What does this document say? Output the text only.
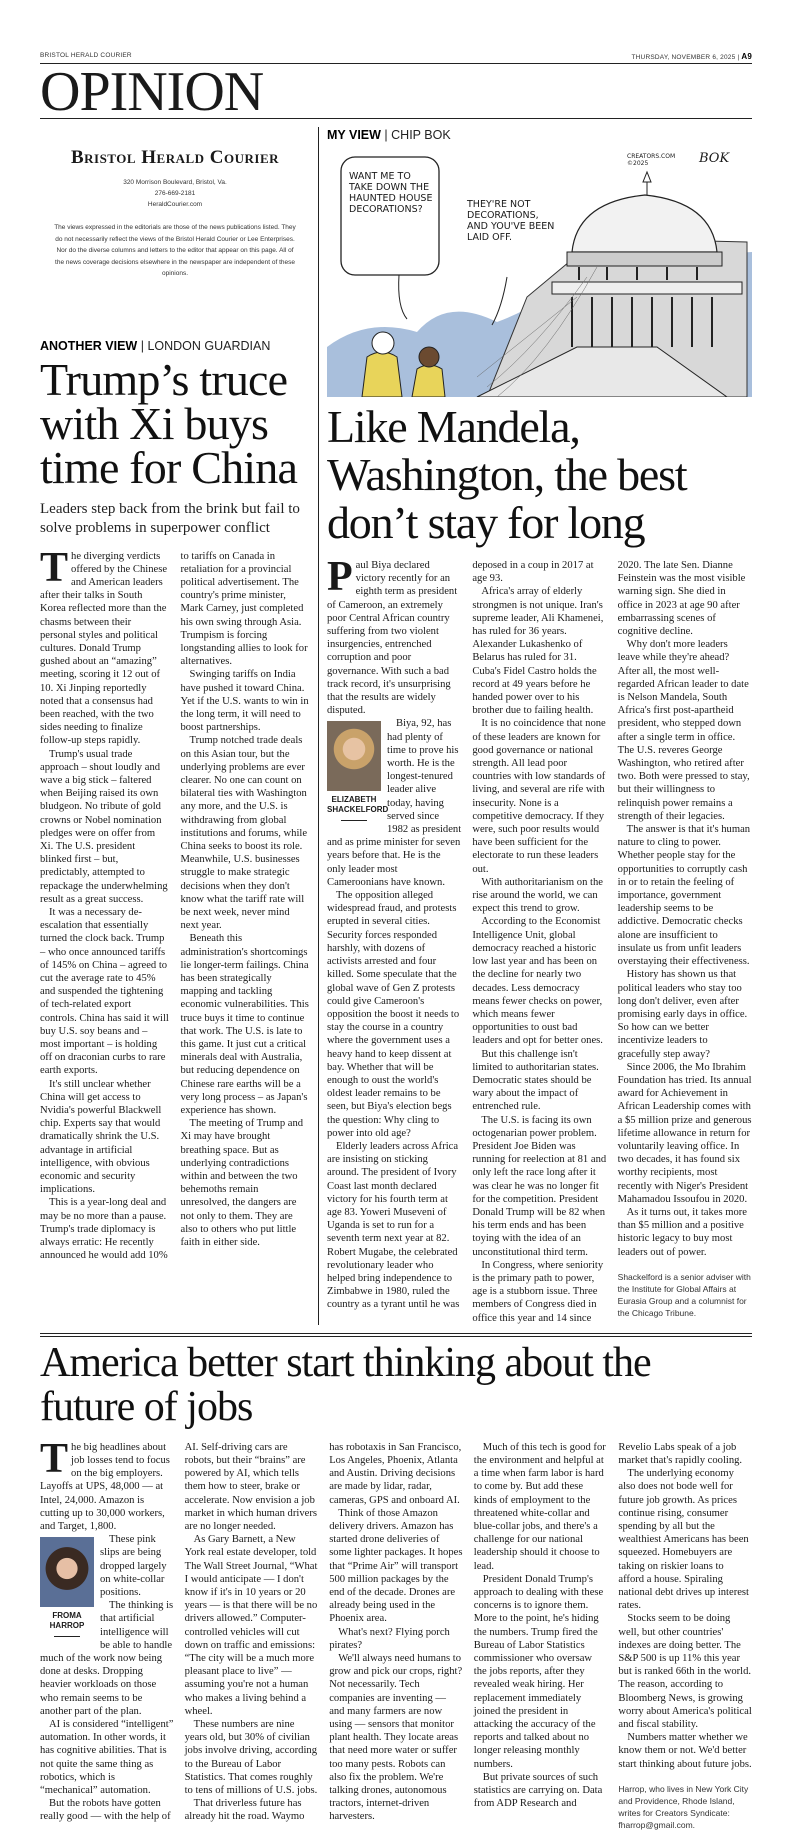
BRISTOL HERALD COURIER	THURSDAY, NOVEMBER 6, 2025 | A9
OPINION
Bristol Herald Courier
320 Morrison Boulevard, Bristol, Va.
276-669-2181
HeraldCourier.com
The views expressed in the editorials are those of the news publications listed. They do not necessarily reflect the views of the Bristol Herald Courier or Lee Enterprises. Nor do the diverse columns and letters to the editor that appear on this page. All of the news coverage decisions elsewhere in the newspaper are independent of these opinions.
ANOTHER VIEW | LONDON GUARDIAN
Trump’s truce with Xi buys time for China
Leaders step back from the brink but fail to solve problems in superpower conflict

The diverging verdicts offered by the Chinese and American leaders after their talks in South Korea reflected more than the chasms between their personal styles and political cultures. Donald Trump gushed about an “amazing” meeting, scoring it 12 out of 10. Xi Jinping reportedly noted that a consensus had been reached, with the two sides needing to finalize follow-up steps rapidly.

Trump's usual trade approach – shout loudly and wave a big stick – faltered when Beijing raised its own bludgeon. No tribute of gold crowns or Nobel nomination pledges were on offer from Xi. The U.S. president blinked first – but, predictably, attempted to repackage the underwhelming result as a great success.

It was a necessary de-escalation that essentially turned the clock back. Trump – who once announced tariffs of 145% on China – agreed to cut the average rate to 45% and suspended the tightening of tech-related export controls. China has said it will buy U.S. soy beans and – most important – is holding off on draconian curbs to rare earth exports.

It's still unclear whether China will get access to Nvidia's powerful Blackwell chip. Experts say that would dramatically shrink the U.S. advantage in artificial intelligence, with obvious economic and security implications.

This is a year-long deal and may be no more than a pause. Trump's trade diplomacy is always erratic: He recently announced he would add 10% to tariffs on Canada in retaliation for a provincial political advertisement. The country's prime minister, Mark Carney, just completed his own swing through Asia. Trumpism is forcing longstanding allies to look for alternatives.

Swinging tariffs on India have pushed it toward China. Yet if the U.S. wants to win in the long term, it will need to boost partnerships.

Trump notched trade deals on this Asian tour, but the underlying problems are ever clearer. No one can count on bilateral ties with Washington any more, and the U.S. is withdrawing from global institutions and forums, while China seeks to boost its role. Meanwhile, U.S. businesses struggle to make strategic decisions when they don't know what the tariff rate will be next week, never mind next year.

Beneath this administration's shortcomings lie longer-term failings. China has been strategically mapping and tackling economic vulnerabilities. This truce buys it time to continue that work. The U.S. is late to this game. It just cut a critical minerals deal with Australia, but reducing dependence on Chinese rare earths will be a very long process – as Japan's experience has shown.

The meeting of Trump and Xi may have brought breathing space. But as underlying contradictions within and between the two behemoths remain unresolved, the dangers are not only to them. They are also to others who put little faith in either side.

MY VIEW | CHIP BOK
WANT ME TO TAKE DOWN THE HAUNTED HOUSE DECORATIONS?	THEY'RE NOT DECORATIONS, AND YOU'VE BEEN LAID OFF.
CREATORS.COM ©2025	BOK
Like Mandela, Washington, the best don’t stay for long

Paul Biya declared victory recently for an eighth term as president of Cameroon, an extremely poor Central African country suffering from two violent insurgencies, entrenched corruption and poor governance. With such a bad track record, it's unsurprising that the results are widely disputed.

ELIZABETH SHACKELFORD

Biya, 92, has had plenty of time to prove his worth. He is the longest-tenured leader alive today, having served since 1982 as president and as prime minister for seven years before that. He is the only leader most Cameroonians have known.

The opposition alleged widespread fraud, and protests erupted in several cities. Security forces responded harshly, with dozens of activists arrested and four killed. Some speculate that the global wave of Gen Z protests could give Cameroon's opposition the boost it needs to stay the course in a country where the government uses a heavy hand to keep dissent at bay. Whether that will be enough to oust the world's oldest leader remains to be seen, but Biya's election begs the question: Why cling to power into old age?

Elderly leaders across Africa are insisting on sticking around. The president of Ivory Coast last month declared victory for his fourth term at age 83. Yoweri Museveni of Uganda is set to run for a seventh term next year at 82. Robert Mugabe, the celebrated revolutionary leader who helped bring independence to Zimbabwe in 1980, ruled the country as a tyrant until he was deposed in a coup in 2017 at age 93.

Africa's array of elderly strongmen is not unique. Iran's supreme leader, Ali Khamenei, has ruled for 36 years. Alexander Lukashenko of Belarus has ruled for 31. Cuba's Fidel Castro holds the record at 49 years before he handed power over to his brother due to failing health.

It is no coincidence that none of these leaders are known for good governance or national strength. All lead poor countries with low standards of living, and several are rife with insecurity. None is a competitive democracy. If they were, such poor results would have been sufficient for the electorate to run these leaders out.

With authoritarianism on the rise around the world, we can expect this trend to grow.

According to the Economist Intelligence Unit, global democracy reached a historic low last year and has been on the decline for nearly two decades. Less democracy means fewer checks on power, which means fewer opportunities to oust bad leaders and opt for better ones.

But this challenge isn't limited to authoritarian states. Democratic states should be wary about the impact of entrenched rule.

The U.S. is facing its own octogenarian power problem. President Joe Biden was running for reelection at 81 and only left the race long after it was clear he was no longer fit for the competition. President Donald Trump will be 82 when his term ends and has been toying with the idea of an unconstitutional third term.

In Congress, where seniority is the primary path to power, age is a stubborn issue. Three members of Congress died in office this year and 14 since 2020. The late Sen. Dianne Feinstein was the most visible warning sign. She died in office in 2023 at age 90 after embarrassing scenes of cognitive decline.

Why don't more leaders leave while they're ahead? After all, the most well-regarded African leader to date is Nelson Mandela, South Africa's first post-apartheid president, who stepped down after a single term in office. The U.S. reveres George Washington, who retired after two. Both were pressed to stay, but their willingness to relinquish power remains a strength of their legacies.

The answer is that it's human nature to cling to power. Whether people stay for the opportunities to corruptly cash in or to retain the feeling of importance, government leadership seems to be addictive. Democratic checks alone are insufficient to insulate us from unfit leaders overstaying their effectiveness.

History has shown us that political leaders who stay too long don't deliver, even after promising early days in office. So how can we better incentivize leaders to gracefully step away?

Since 2006, the Mo Ibrahim Foundation has tried. Its annual award for Achievement in African Leadership comes with a $5 million prize and generous lifetime allowance in return for voluntarily leaving office. In two decades, it has found six worthy recipients, most recently with Niger's President Mahamadou Issoufou in 2020.

As it turns out, it takes more than $5 million and a positive historic legacy to buy most leaders out of power.

Shackelford is a senior adviser with the Institute for Global Affairs at Eurasia Group and a columnist for the Chicago Tribune.

America better start thinking about the future of jobs

The big headlines about job losses tend to focus on the big employers. Layoffs at UPS, 48,000 — at Intel, 24,000. Amazon is cutting up to 30,000 workers, and Target, 1,800.

FROMA HARROP

These pink slips are being dropped largely on white-collar positions.

The thinking is that artificial intelligence will be able to handle much of the work now being done at desks. Dropping heavier workloads on those who remain seems to be another part of the plan.

AI is considered “intelligent” automation. In other words, it has cognitive abilities. That is not quite the same thing as robotics, which is “mechanical” automation.

But the robots have gotten really good — with the help of AI. Self-driving cars are robots, but their “brains” are powered by AI, which tells them how to steer, brake or accelerate. Now envision a job market in which human drivers are no longer needed.

As Gary Barnett, a New York real estate developer, told The Wall Street Journal, “What I would anticipate — I don't know if it's in 10 years or 20 years — is that there will be no drivers allowed.” Computer-controlled vehicles will cut down on traffic and emissions: “The city will be a much more pleasant place to live” — assuming you're not a human who makes a living behind a wheel.

These numbers are nine years old, but 30% of civilian jobs involve driving, according to the Bureau of Labor Statistics. That comes roughly to tens of millions of U.S. jobs.

That driverless future has already hit the road. Waymo has robotaxis in San Francisco, Los Angeles, Phoenix, Atlanta and Austin. Driving decisions are made by lidar, radar, cameras, GPS and onboard AI.

Think of those Amazon delivery drivers. Amazon has started drone deliveries of some lighter packages. It hopes that “Prime Air” will transport 500 million packages by the end of the decade. Drones are already being used in the Phoenix area.

What's next? Flying porch pirates?

We'll always need humans to grow and pick our crops, right? Not necessarily. Tech companies are inventing — and many farmers are now using — sensors that monitor plant health. They locate areas that need more water or suffer too many pests. Robots can also fix the problem. We're talking drones, autonomous tractors, internet-driven harvesters.

Much of this tech is good for the environment and helpful at a time when farm labor is hard to come by. But add these kinds of employment to the threatened white-collar and blue-collar jobs, and there's a challenge for our national leadership should it choose to lead.

President Donald Trump's approach to dealing with these concerns is to ignore them. More to the point, he's hiding the numbers. Trump fired the Bureau of Labor Statistics commissioner who oversaw the jobs reports, after they revealed weak hiring. Her replacement immediately joined the president in attacking the accuracy of the reports and talked about no longer releasing monthly numbers.

But private sources of such statistics are carrying on. Data from ADP Research and Revelio Labs speak of a job market that's rapidly cooling.

The underlying economy also does not bode well for future job growth. As prices continue rising, consumer spending by all but the wealthiest Americans has been squeezed. Homebuyers are taking on riskier loans to afford a house. Spiraling national debt drives up interest rates.

Stocks seem to be doing well, but other countries' indexes are doing better. The S&P 500 is up 11% this year but is ranked 66th in the world. The reason, according to Bloomberg News, is growing worry about America's political and fiscal stability.

Numbers matter whether we know them or not. We'd better start thinking about future jobs.

Harrop, who lives in New York City and Providence, Rhode Island, writes for Creators Syndicate: fharrop@gmail.com.
